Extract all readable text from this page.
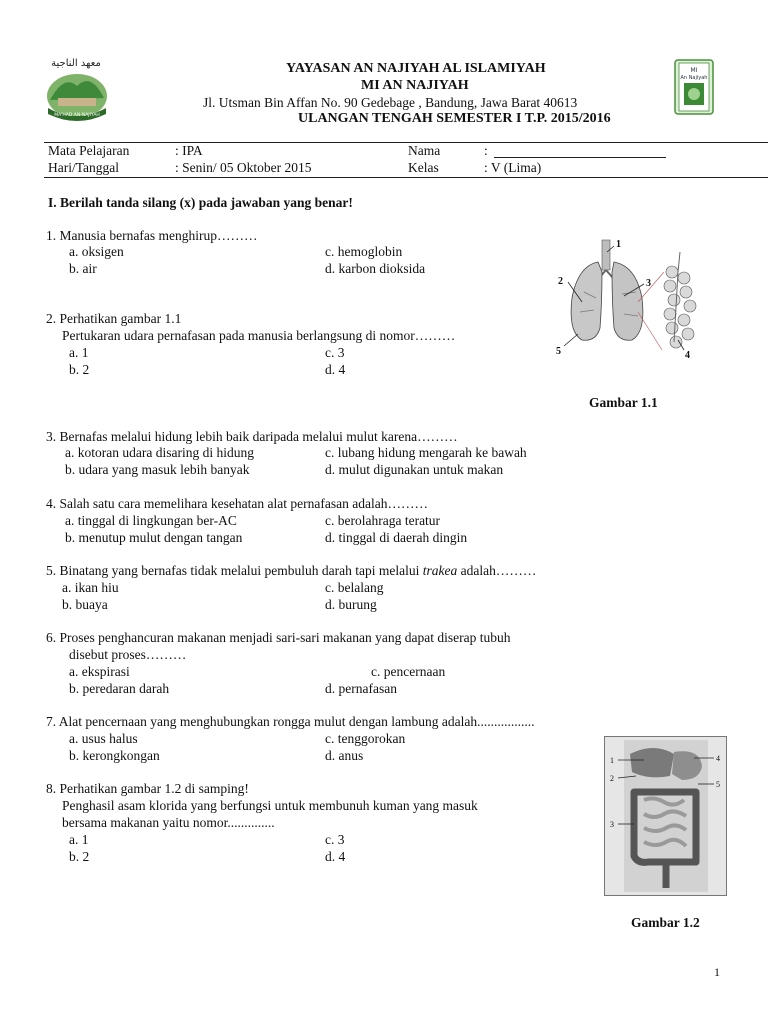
معهد الناجية
MA'HAD AN-NAJIYAH
YAYASAN AN NAJIYAH AL ISLAMIYAH
MI AN NAJIYAH
Jl. Utsman Bin Affan No. 90 Gedebage , Bandung, Jawa Barat 40613
ULANGAN TENGAH SEMESTER I T.P. 2015/2016
MI
An Najiyah
Mata Pelajaran	: IPA	Nama	:
Hari/Tanggal	: Senin/ 05 Oktober 2015	Kelas	: V (Lima)
I. Berilah tanda silang (x) pada jawaban yang benar!
1. Manusia bernafas menghirup………
a. oksigen
b. air
c. hemoglobin
d. karbon dioksida
2. Perhatikan gambar 1.1
Pertukaran udara pernafasan pada manusia berlangsung di nomor………
a. 1
b. 2
c. 3
d. 4
1
2	3
4
5
Gambar 1.1
3. Bernafas melalui hidung lebih baik daripada melalui mulut karena………
a. kotoran udara disaring di hidung
b. udara yang masuk lebih banyak
c. lubang hidung mengarah ke bawah
d. mulut digunakan untuk makan
4. Salah satu cara memelihara kesehatan alat pernafasan adalah………
a. tinggal di lingkungan ber-AC
b. menutup mulut dengan tangan
c. berolahraga teratur
d. tinggal di daerah dingin
5. Binatang yang bernafas tidak melalui pembuluh darah tapi melalui trakea adalah………
a. ikan hiu
b. buaya
c. belalang
d. burung
6. Proses penghancuran makanan menjadi sari-sari makanan yang dapat diserap tubuh
disebut proses………
a. ekspirasi
b. peredaran darah
c. pencernaan
d. pernafasan
7. Alat pencernaan yang menghubungkan rongga mulut dengan lambung adalah.................
a. usus halus
b. kerongkongan
c. tenggorokan
d. anus
8. Perhatikan gambar 1.2 di samping!
Penghasil asam klorida yang berfungsi untuk membunuh kuman yang masuk
bersama makanan yaitu nomor..............
a. 1
b. 2
c. 3
d. 4
1
2
3
4
5
Gambar 1.2
1
